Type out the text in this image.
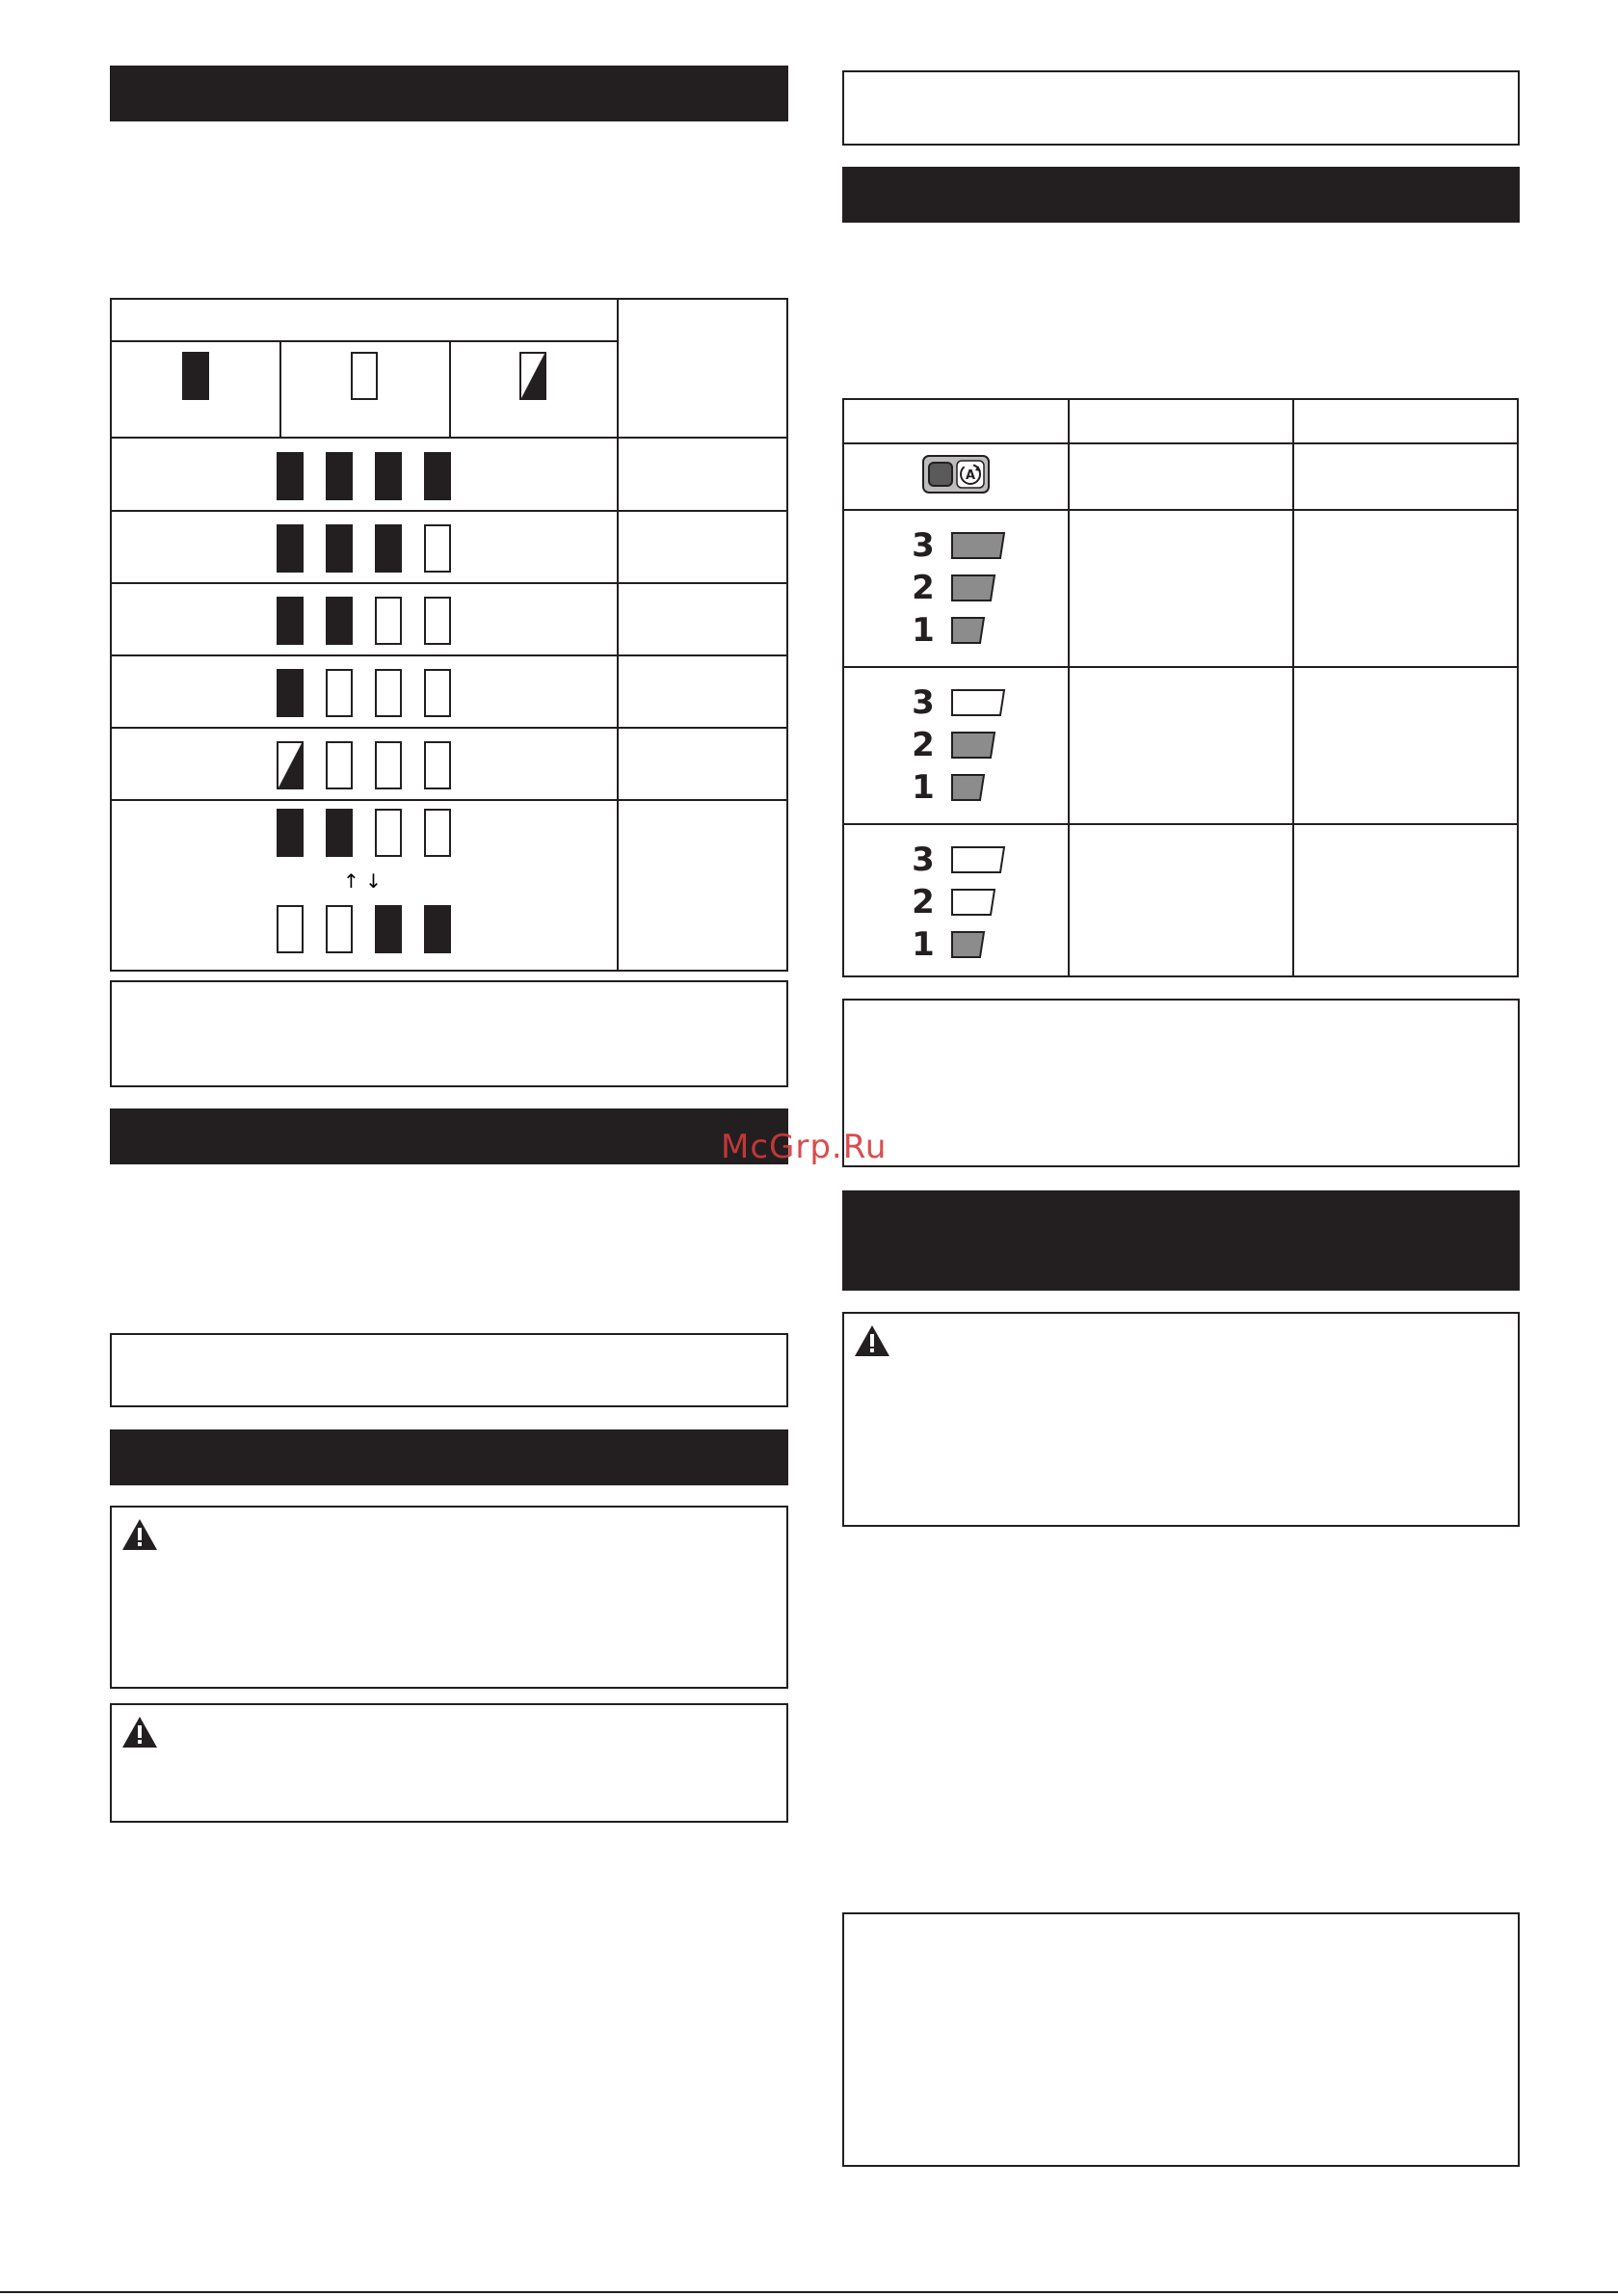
↑ ↓
A
3
2
1
3
2
1
3
2
1
McGrp.Ru
